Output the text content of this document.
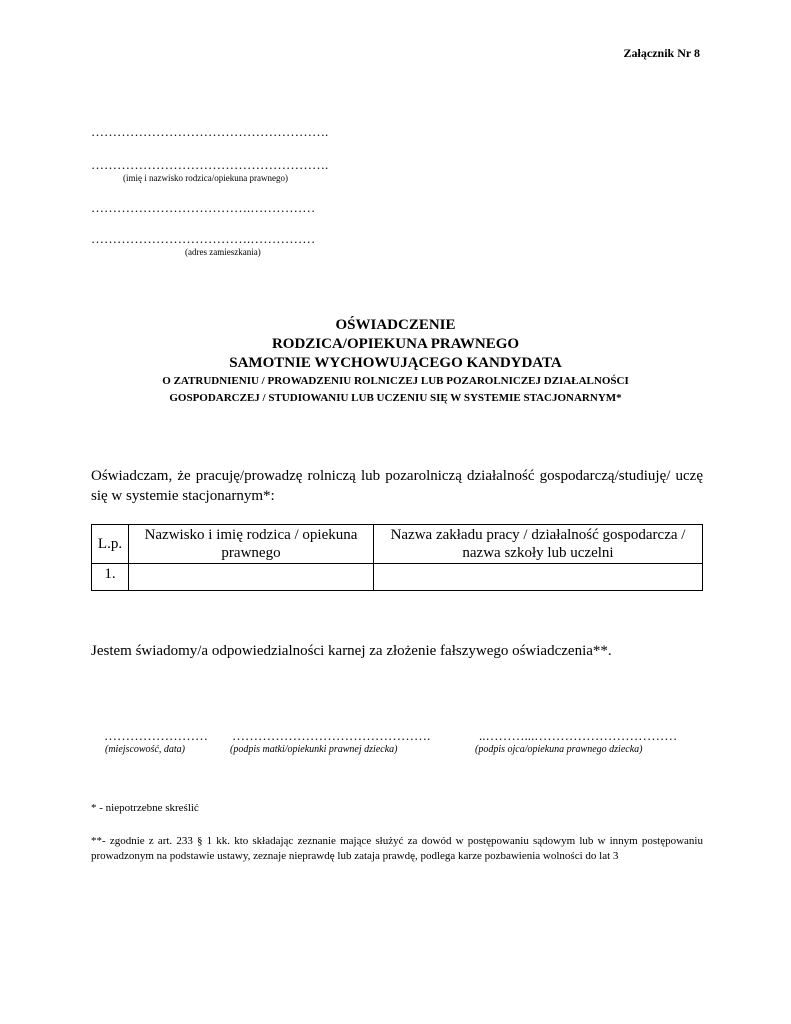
Załącznik Nr 8
……………………………………………….
……………………………………………….
(imię i nazwisko rodzica/opiekuna prawnego)
……………………………….……………
……………………………….……………
(adres zamieszkania)
OŚWIADCZENIE
RODZICA/OPIEKUNA PRAWNEGO
SAMOTNIE WYCHOWUJĄCEGO KANDYDATA
O ZATRUDNIENIU / PROWADZENIU ROLNICZEJ LUB POZAROLNICZEJ DZIAŁALNOŚCI
GOSPODARCZEJ / STUDIOWANIU LUB UCZENIU SIĘ W SYSTEMIE STACJONARNYM*
Oświadczam, że pracuję/prowadzę rolniczą lub pozarolniczą działalność gospodarczą/studiuję/ uczę się w systemie stacjonarnym*:
L.p.	Nazwisko i imię rodzica / opiekuna prawnego	Nazwa zakładu pracy / działalność gospodarcza / nazwa szkoły lub uczelni
1.		
Jestem świadomy/a odpowiedzialności karnej za złożenie fałszywego oświadczenia**.
……………………
(miejscowość, data)
……………………………………….
(podpis matki/opiekunki prawnej dziecka)
..………...……………………………
(podpis ojca/opiekuna prawnego dziecka)
* - niepotrzebne skreślić
**- zgodnie z art. 233 § 1 kk. kto składając zeznanie mające służyć za dowód w postępowaniu sądowym lub w innym postępowaniu prowadzonym na podstawie ustawy, zeznaje nieprawdę lub zataja prawdę, podlega karze pozbawienia wolności do lat 3
